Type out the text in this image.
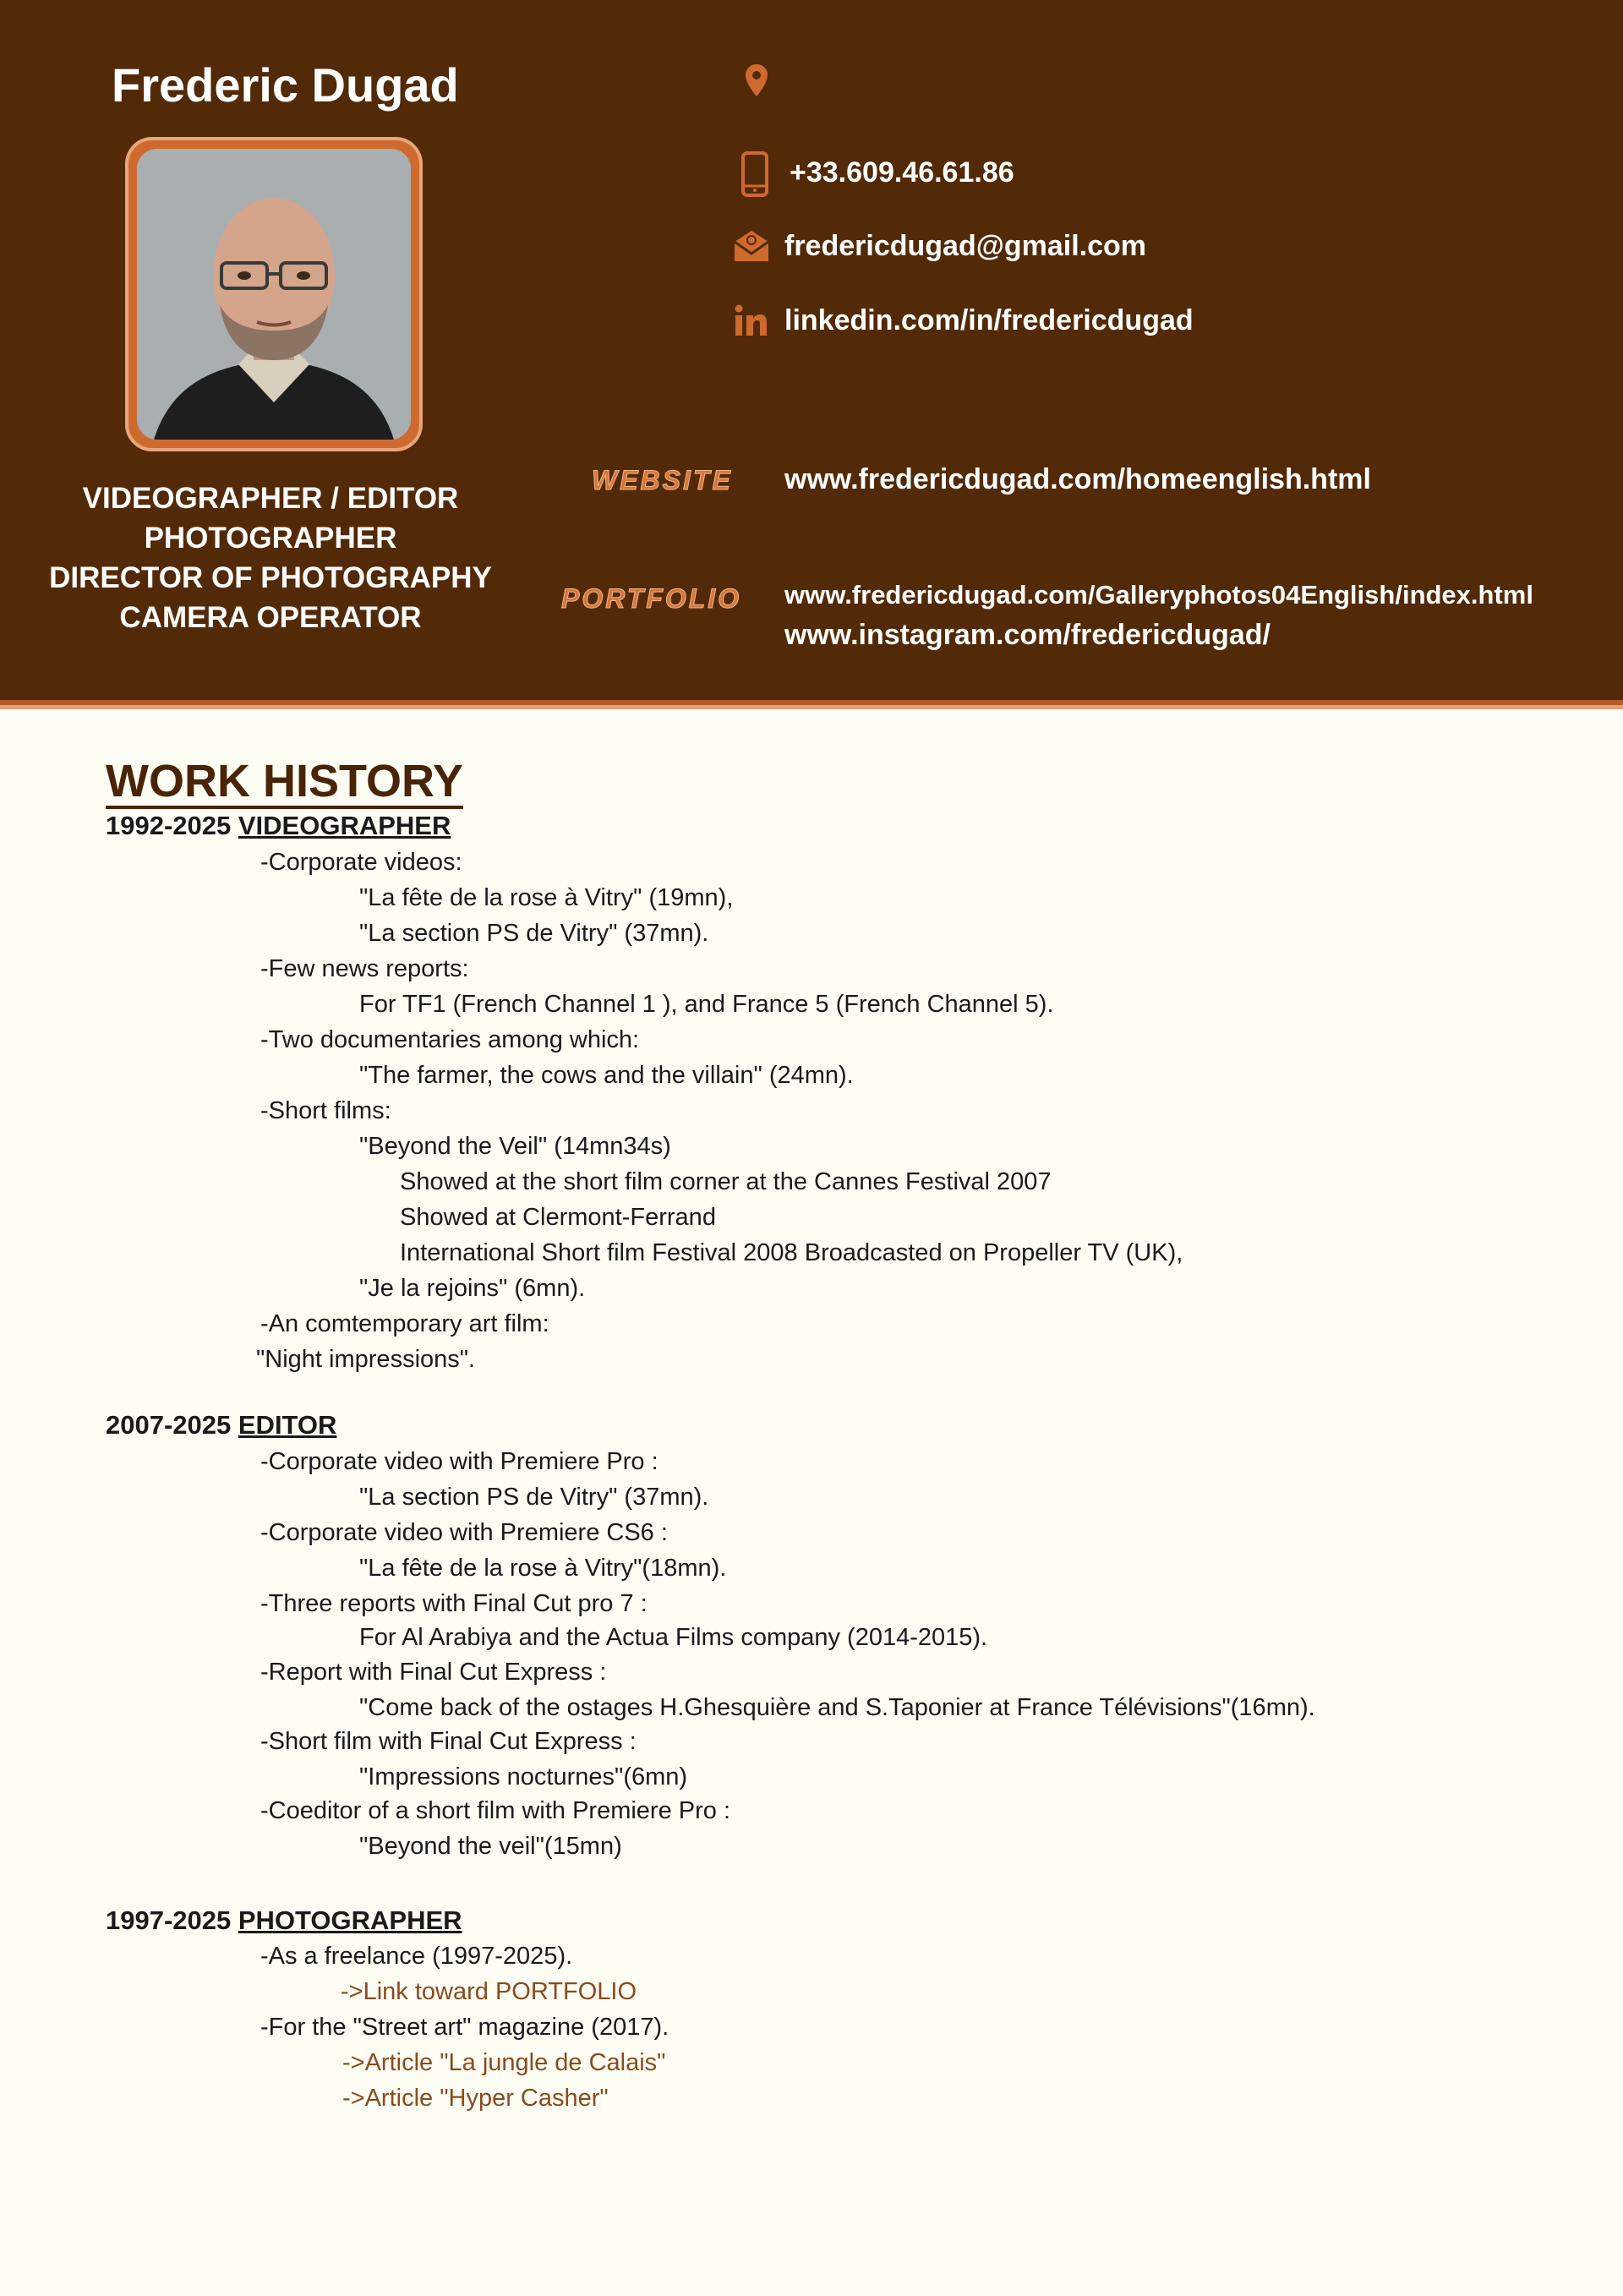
Frederic Dugad
VIDEOGRAPHER / EDITOR
PHOTOGRAPHER
DIRECTOR OF PHOTOGRAPHY
CAMERA OPERATOR
+33.609.46.61.86
fredericdugad@gmail.com
linkedin.com/in/fredericdugad
WEBSITE www.fredericdugad.com/homeenglish.html
PORTFOLIO www.fredericdugad.com/Galleryphotos04English/index.html
www.instagram.com/fredericdugad/
WORK HISTORY
1992-2025 VIDEOGRAPHER
-Corporate videos:
"La fête de la rose à Vitry" (19mn),
"La section PS de Vitry" (37mn).
-Few news reports:
For TF1 (French Channel 1 ), and France 5 (French Channel 5).
-Two documentaries among which:
"The farmer, the cows and the villain" (24mn).
-Short films:
"Beyond the Veil" (14mn34s)
Showed at the short film corner at the Cannes Festival 2007
Showed at Clermont-Ferrand
International Short film Festival 2008 Broadcasted on Propeller TV (UK),
"Je la rejoins" (6mn).
-An comtemporary art film:
"Night impressions".
2007-2025 EDITOR
-Corporate video with Premiere Pro :
"La section PS de Vitry" (37mn).
-Corporate video with Premiere CS6 :
"La fête de la rose à Vitry"(18mn).
-Three reports with Final Cut pro 7 :
For Al Arabiya and the Actua Films company (2014-2015).
-Report with Final Cut Express :
"Come back of the ostages H.Ghesquière and S.Taponier at France Télévisions"(16mn).
-Short film with Final Cut Express :
"Impressions nocturnes"(6mn)
-Coeditor of a short film with Premiere Pro :
"Beyond the veil"(15mn)
1997-2025 PHOTOGRAPHER
-As a freelance (1997-2025).
->Link toward PORTFOLIO
-For the "Street art" magazine (2017).
->Article "La jungle de Calais"
->Article "Hyper Casher"
